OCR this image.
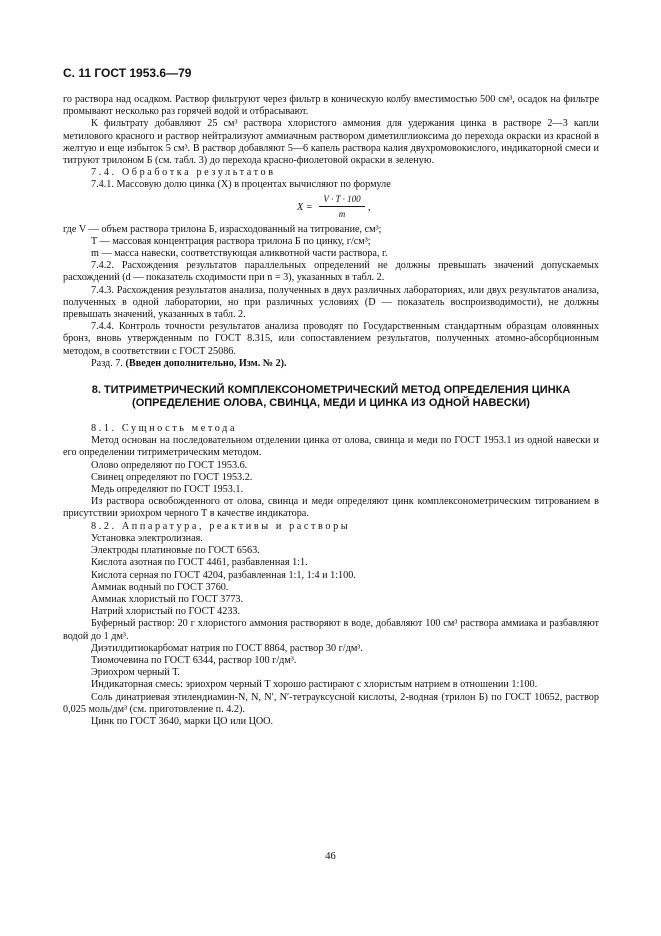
С. 11 ГОСТ 1953.6—79

го раствора над осадком. Раствор фильтруют через фильтр в коническую колбу вместимостью 500 см³, осадок на фильтре промывают несколько раз горячей водой и отбрасывают.

К фильтрату добавляют 25 см³ раствора хлористого аммония для удержания цинка в растворе 2—3 капли метилового красного и раствор нейтрализуют аммиачным раствором диметилглиоксима до перехода окраски из красной в желтую и еще избыток 5 см³. В раствор добавляют 5—6 капель раствора калия двухромовокислого, индикаторной смеси и титруют трилоном Б (см. табл. 3) до перехода красно-фиолетовой окраски в зеленую.

7.4. Обработка результатов

7.4.1. Массовую долю цинка (X) в процентах вычисляют по формуле

X =
V · T · 100
m
,

где V — объем раствора трилона Б, израсходованный на титрование, см³;

T — массовая концентрация раствора трилона Б по цинку, г/см³;

m — масса навески, соответствующая аликвотной части раствора, г.

7.4.2. Расхождения результатов параллельных определений не должны превышать значений допускаемых расхождений (d — показатель сходимости при n = 3), указанных в табл. 2.

7.4.3. Расхождения результатов анализа, полученных в двух различных лабораториях, или двух результатов анализа, полученных в одной лаборатории, но при различных условиях (D — показатель воспроизводимости), не должны превышать значений, указанных в табл. 2.

7.4.4. Контроль точности результатов анализа проводят по Государственным стандартным образцам оловянных бронз, вновь утвержденным по ГОСТ 8.315, или сопоставлением результатов, полученных атомно-абсорбционным методом, в соответствии с ГОСТ 25086.

Разд. 7. (Введен дополнительно, Изм. № 2).

8. ТИТРИМЕТРИЧЕСКИЙ КОМПЛЕКСОНОМЕТРИЧЕСКИЙ МЕТОД ОПРЕДЕЛЕНИЯ ЦИНКА (ОПРЕДЕЛЕНИЕ ОЛОВА, СВИНЦА, МЕДИ И ЦИНКА ИЗ ОДНОЙ НАВЕСКИ)

8.1. Сущность метода

Метод основан на последовательном отделении цинка от олова, свинца и меди по ГОСТ 1953.1 из одной навески и его определении титриметрическим методом.

Олово определяют по ГОСТ 1953.6.

Свинец определяют по ГОСТ 1953.2.

Медь определяют по ГОСТ 1953.1.

Из раствора освобожденного от олова, свинца и меди определяют цинк комплексонометрическим титрованием в присутствии эриохром черного Т в качестве индикатора.

8.2. Аппаратура, реактивы и растворы

Установка электролизная.

Электроды платиновые по ГОСТ 6563.

Кислота азотная по ГОСТ 4461, разбавленная 1:1.

Кислота серная по ГОСТ 4204, разбавленная 1:1, 1:4 и 1:100.

Аммиак водный по ГОСТ 3760.

Аммиак хлористый по ГОСТ 3773.

Натрий хлористый по ГОСТ 4233.

Буферный раствор: 20 г хлористого аммония растворяют в воде, добавляют 100 см³ раствора аммиака и разбавляют водой до 1 дм³.

Диэтилдитиокарбомат натрия по ГОСТ 8864, раствор 30 г/дм³.

Тиомочевина по ГОСТ 6344, раствор 100 г/дм³.

Эриохром черный Т.

Индикаторная смесь: эриохром черный Т хорошо растирают с хлористым натрием в отношении 1:100.

Соль динатриевая этилендиамин-N, N, N′, N′-тетрауксусной кислоты, 2-водная (трилон Б) по ГОСТ 10652, раствор 0,025 моль/дм³ (см. приготовление п. 4.2).

Цинк по ГОСТ 3640, марки ЦО или ЦОО.

46
